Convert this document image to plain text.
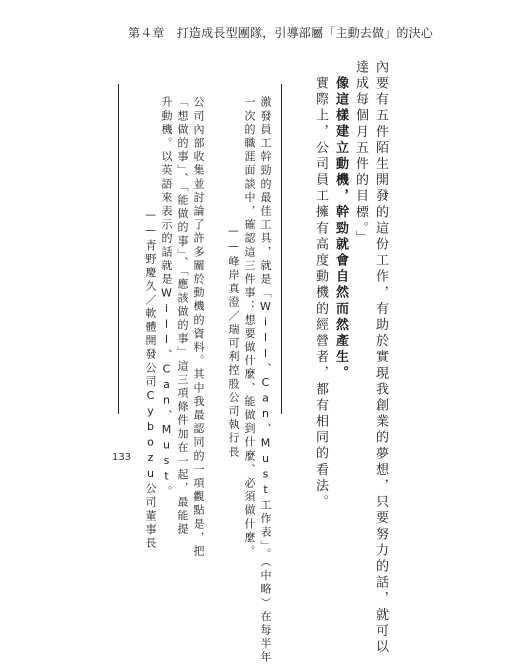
第４章　打造成長型團隊，引導部屬「主動去做」的決心
內要有五件陌生開發的這份工作，有助於實現我創業的夢想，只要努力的話，就可以
達成每個月五件的目標。」
像這樣建立動機，幹勁就會自然而然產生。
實際上，公司員工擁有高度動機的經營者，都有相同的看法。
激發員工幹勁的最佳工具，就是「Will、Can、Must工作表」。（中略）在每半年
一次的職涯面談中，確認這三件事：想要做什麼、能做到什麼、必須做什麼。
——峰岸真澄／瑞可利控股公司執行長
公司內部收集並討論了許多關於動機的資料。其中我最認同的一項觀點是，把
「想做的事」、「能做的事」、「應該做的事」這三項條件加在一起，最能提
升動機。以英語來表示的話就是Will、Can、Must。
——青野慶久／軟體開發公司Cybozu公司董事長
133
